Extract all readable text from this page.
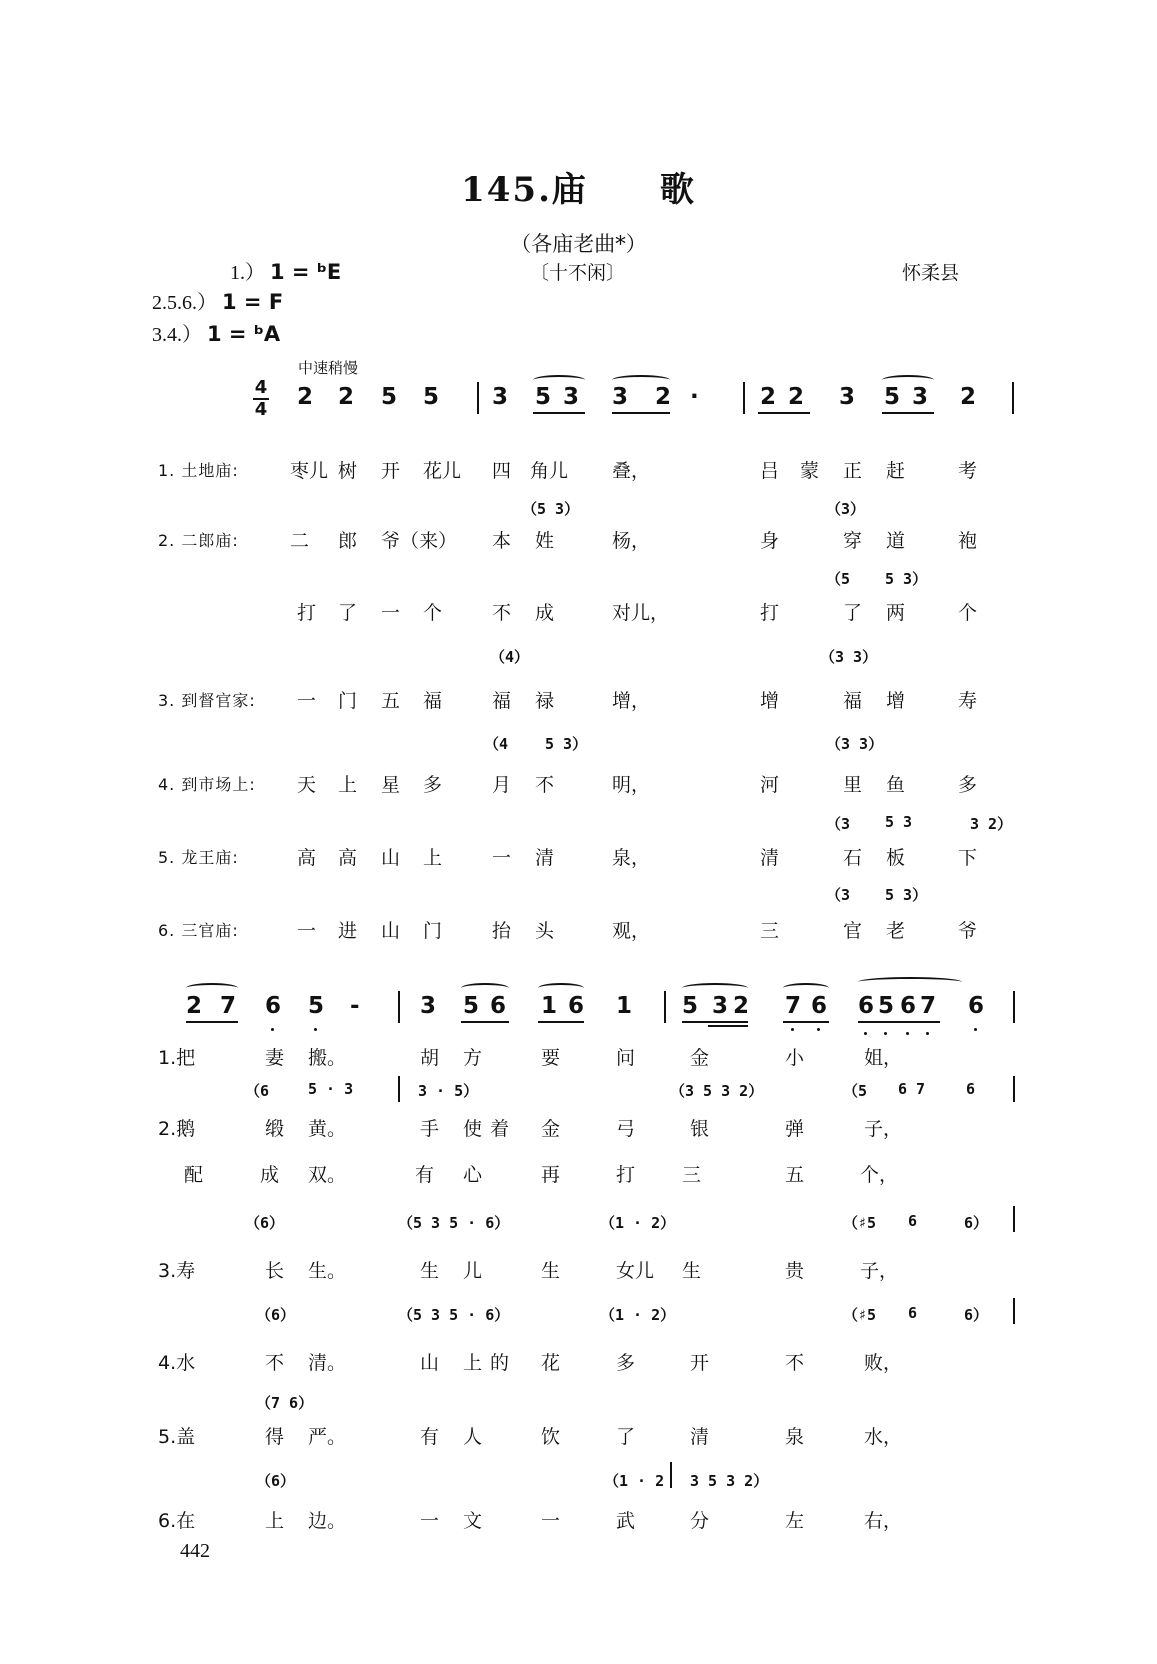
145.庙　　歌
（各庙老曲*）
1.） 1 = ᵇE
2.5.6.） 1 = F
3.4.） 1 = ᵇA
〔十不闲〕	怀柔县
中速稍慢
4
4 2 2 5 5 3 5 3 3 2 ·	2 2 3 5 3 2
1. 土地庙:	枣儿 树 开 花儿 四 角儿 叠，	吕 蒙 正 赶	考
（5 3）	（3）
2. 二郎庙:	二 郎 爷（来） 本 姓	杨，	身	穿 道	袍
（5 5 3）
打 了 一 个	不 成	对儿，	打	了 两	个
（4）	（3 3）
3. 到督官家: 一 门 五 福	福 禄	增，	增	福 增	寿
（4 5 3）	（3 3）
4. 到市场上: 天 上 星 多	月 不	明，	河	里 鱼	多
（3 5 3	3 2）
5. 龙王庙:	高 高 山 上	一 清	泉，	清	石 板	下
（3 5 3）
6. 三官庙:	一 进 山 门	抬 头	观，	三	官 老	爷
2 7 6 5 -	3 5 6 1 6 1 5 3 2 7 6 6 5 6 7 6
1.把	妻 搬。	胡 方	要	问	金	小	姐，
（6	5 · 3	3 · 5）	（3 5 3 2）	（5 6 7	6
2.鹅	缎 黄。	手 使 着 金	弓	银	弹	子，
配	成 双。	有 心	再	打 三	五	个，
（6）	（5 3 5 · 6）	（1 · 2）	（♯5 6	6）
3.寿	长 生。	生 儿	生	女儿 生	贵	子，
（6）	（5 3 5 · 6）	（1 · 2）	（♯5 6	6）
4.水	不 清。	山 上 的 花	多	开	不	败，
（7 6）
5.盖	得 严。	有 人	饮	了	清	泉	水，
（6）	（1 · 2 3 5 3 2）
6.在	上 边。	一 文	一	武	分	左	右，
442
